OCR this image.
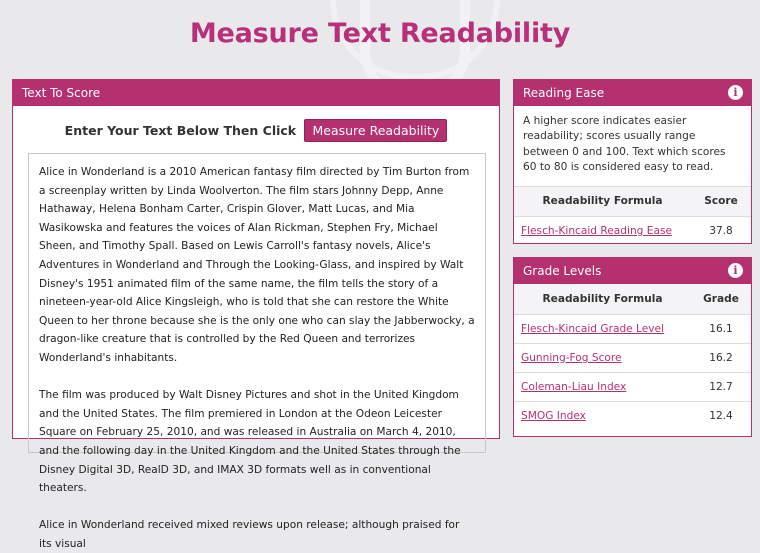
Measure Text Readability
Text To Score
Enter Your Text Below Then Click Measure Readability

Alice in Wonderland is a 2010 American fantasy film directed by Tim Burton from a screenplay written by Linda Woolverton. The film stars Johnny Depp, Anne Hathaway, Helena Bonham Carter, Crispin Glover, Matt Lucas, and Mia Wasikowska and features the voices of Alan Rickman, Stephen Fry, Michael Sheen, and Timothy Spall. Based on Lewis Carroll's fantasy novels, Alice's Adventures in Wonderland and Through the Looking-Glass, and inspired by Walt Disney's 1951 animated film of the same name, the film tells the story of a nineteen-year-old Alice Kingsleigh, who is told that she can restore the White Queen to her throne because she is the only one who can slay the Jabberwocky, a dragon-like creature that is controlled by the Red Queen and terrorizes Wonderland's inhabitants.

The film was produced by Walt Disney Pictures and shot in the United Kingdom and the United States. The film premiered in London at the Odeon Leicester Square on February 25, 2010, and was released in Australia on March 4, 2010, and the following day in the United Kingdom and the United States through the Disney Digital 3D, RealD 3D, and IMAX 3D formats well as in conventional theaters.

Alice in Wonderland received mixed reviews upon release; although praised for its visual

Reading Ease	i
A higher score indicates easier readability; scores usually range between 0 and 100. Text which scores 60 to 80 is considered easy to read.
Readability Formula	Score
Flesch-Kincaid Reading Ease	37.8
Grade Levels	i
Readability Formula	Grade
Flesch-Kincaid Grade Level	16.1
Gunning-Fog Score	16.2
Coleman-Liau Index	12.7
SMOG Index	12.4
